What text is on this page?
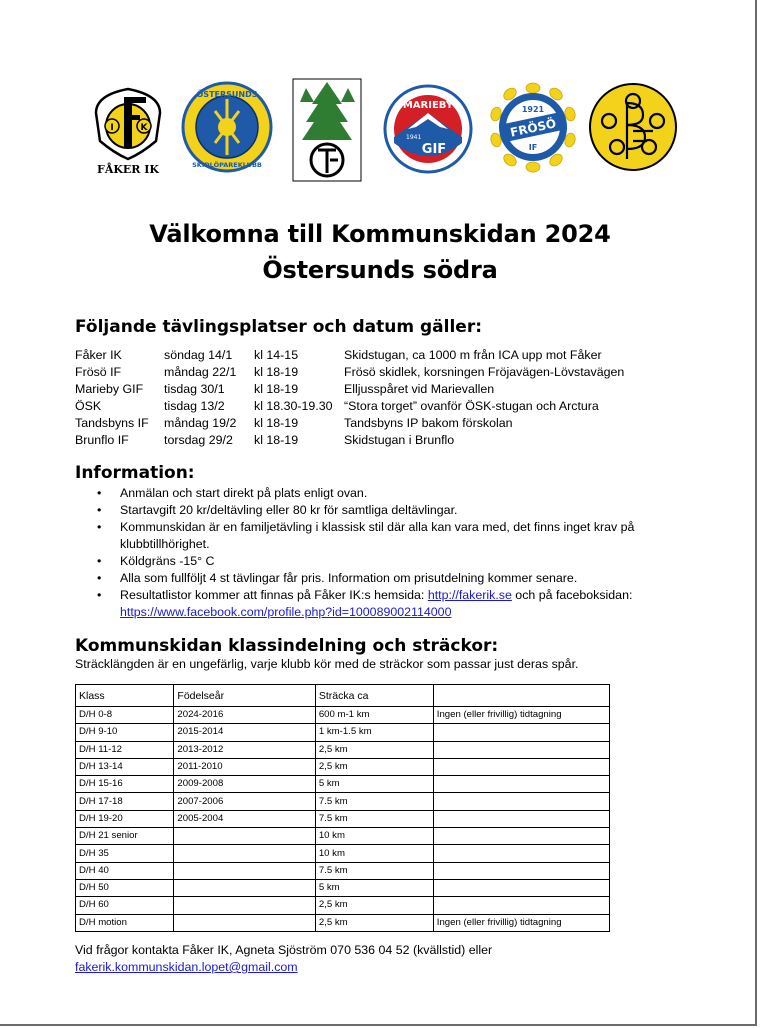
I	K
FÅKER IK
ÖSTERSUNDS
SKIDLÖPAREKLUBB
MARIEBY
GIF
1941	FRÖSÖ
1921
IF
Välkomna till Kommunskidan 2024
Östersunds södra
Följande tävlingsplatser och datum gäller:
Fåker IK	söndag 14/1 kl 14-15	Skidstugan, ca 1000 m från ICA upp mot Fåker
Frösö IF	måndag 22/1 kl 18-19	Frösö skidlek, korsningen Fröjavägen-Lövstavägen
Marieby GIF tisdag 30/1 kl 18-19	Elljusspåret vid Marievallen
ÖSK	tisdag 13/2 kl 18.30-19.30 “Stora torget” ovanför ÖSK-stugan och Arctura
Tandsbyns IF måndag 19/2 kl 18-19	Tandsbyns IP bakom förskolan
Brunflo IF	torsdag 29/2 kl 18-19	Skidstugan i Brunflo
Information:
• Anmälan och start direkt på plats enligt ovan.
• Startavgift 20 kr/deltävling eller 80 kr för samtliga deltävlingar.
• Kommunskidan är en familjetävling i klassisk stil där alla kan vara med, det finns inget krav på klubbtillhörighet.
• Köldgräns -15° C
• Alla som fullföljt 4 st tävlingar får pris. Information om prisutdelning kommer senare.
• Resultatlistor kommer att finnas på Fåker IK:s hemsida: http://fakerik.se och på faceboksidan:
https://www.facebook.com/profile.php?id=100089002114000
Kommunskidan klassindelning och sträckor:
Sträcklängden är en ungefärlig, varje klubb kör med de sträckor som passar just deras spår.
Klass	Födelseår	Sträcka ca	
D/H 0-8	2024-2016	600 m-1 km	Ingen (eller frivillig) tidtagning
D/H 9-10	2015-2014	1 km-1.5 km	
D/H 11-12	2013-2012	2,5 km	
D/H 13-14	2011-2010	2,5 km	
D/H 15-16	2009-2008	5 km	
D/H 17-18	2007-2006	7.5 km	
D/H 19-20	2005-2004	7.5 km	
D/H 21 senior		10 km	
D/H 35		10 km	
D/H 40		7.5 km	
D/H 50		5 km	
D/H 60		2,5 km	
D/H motion		2,5 km	Ingen (eller frivillig) tidtagning
Vid frågor kontakta Fåker IK, Agneta Sjöström 070 536 04 52 (kvällstid) eller
fakerik.kommunskidan.lopet@gmail.com
